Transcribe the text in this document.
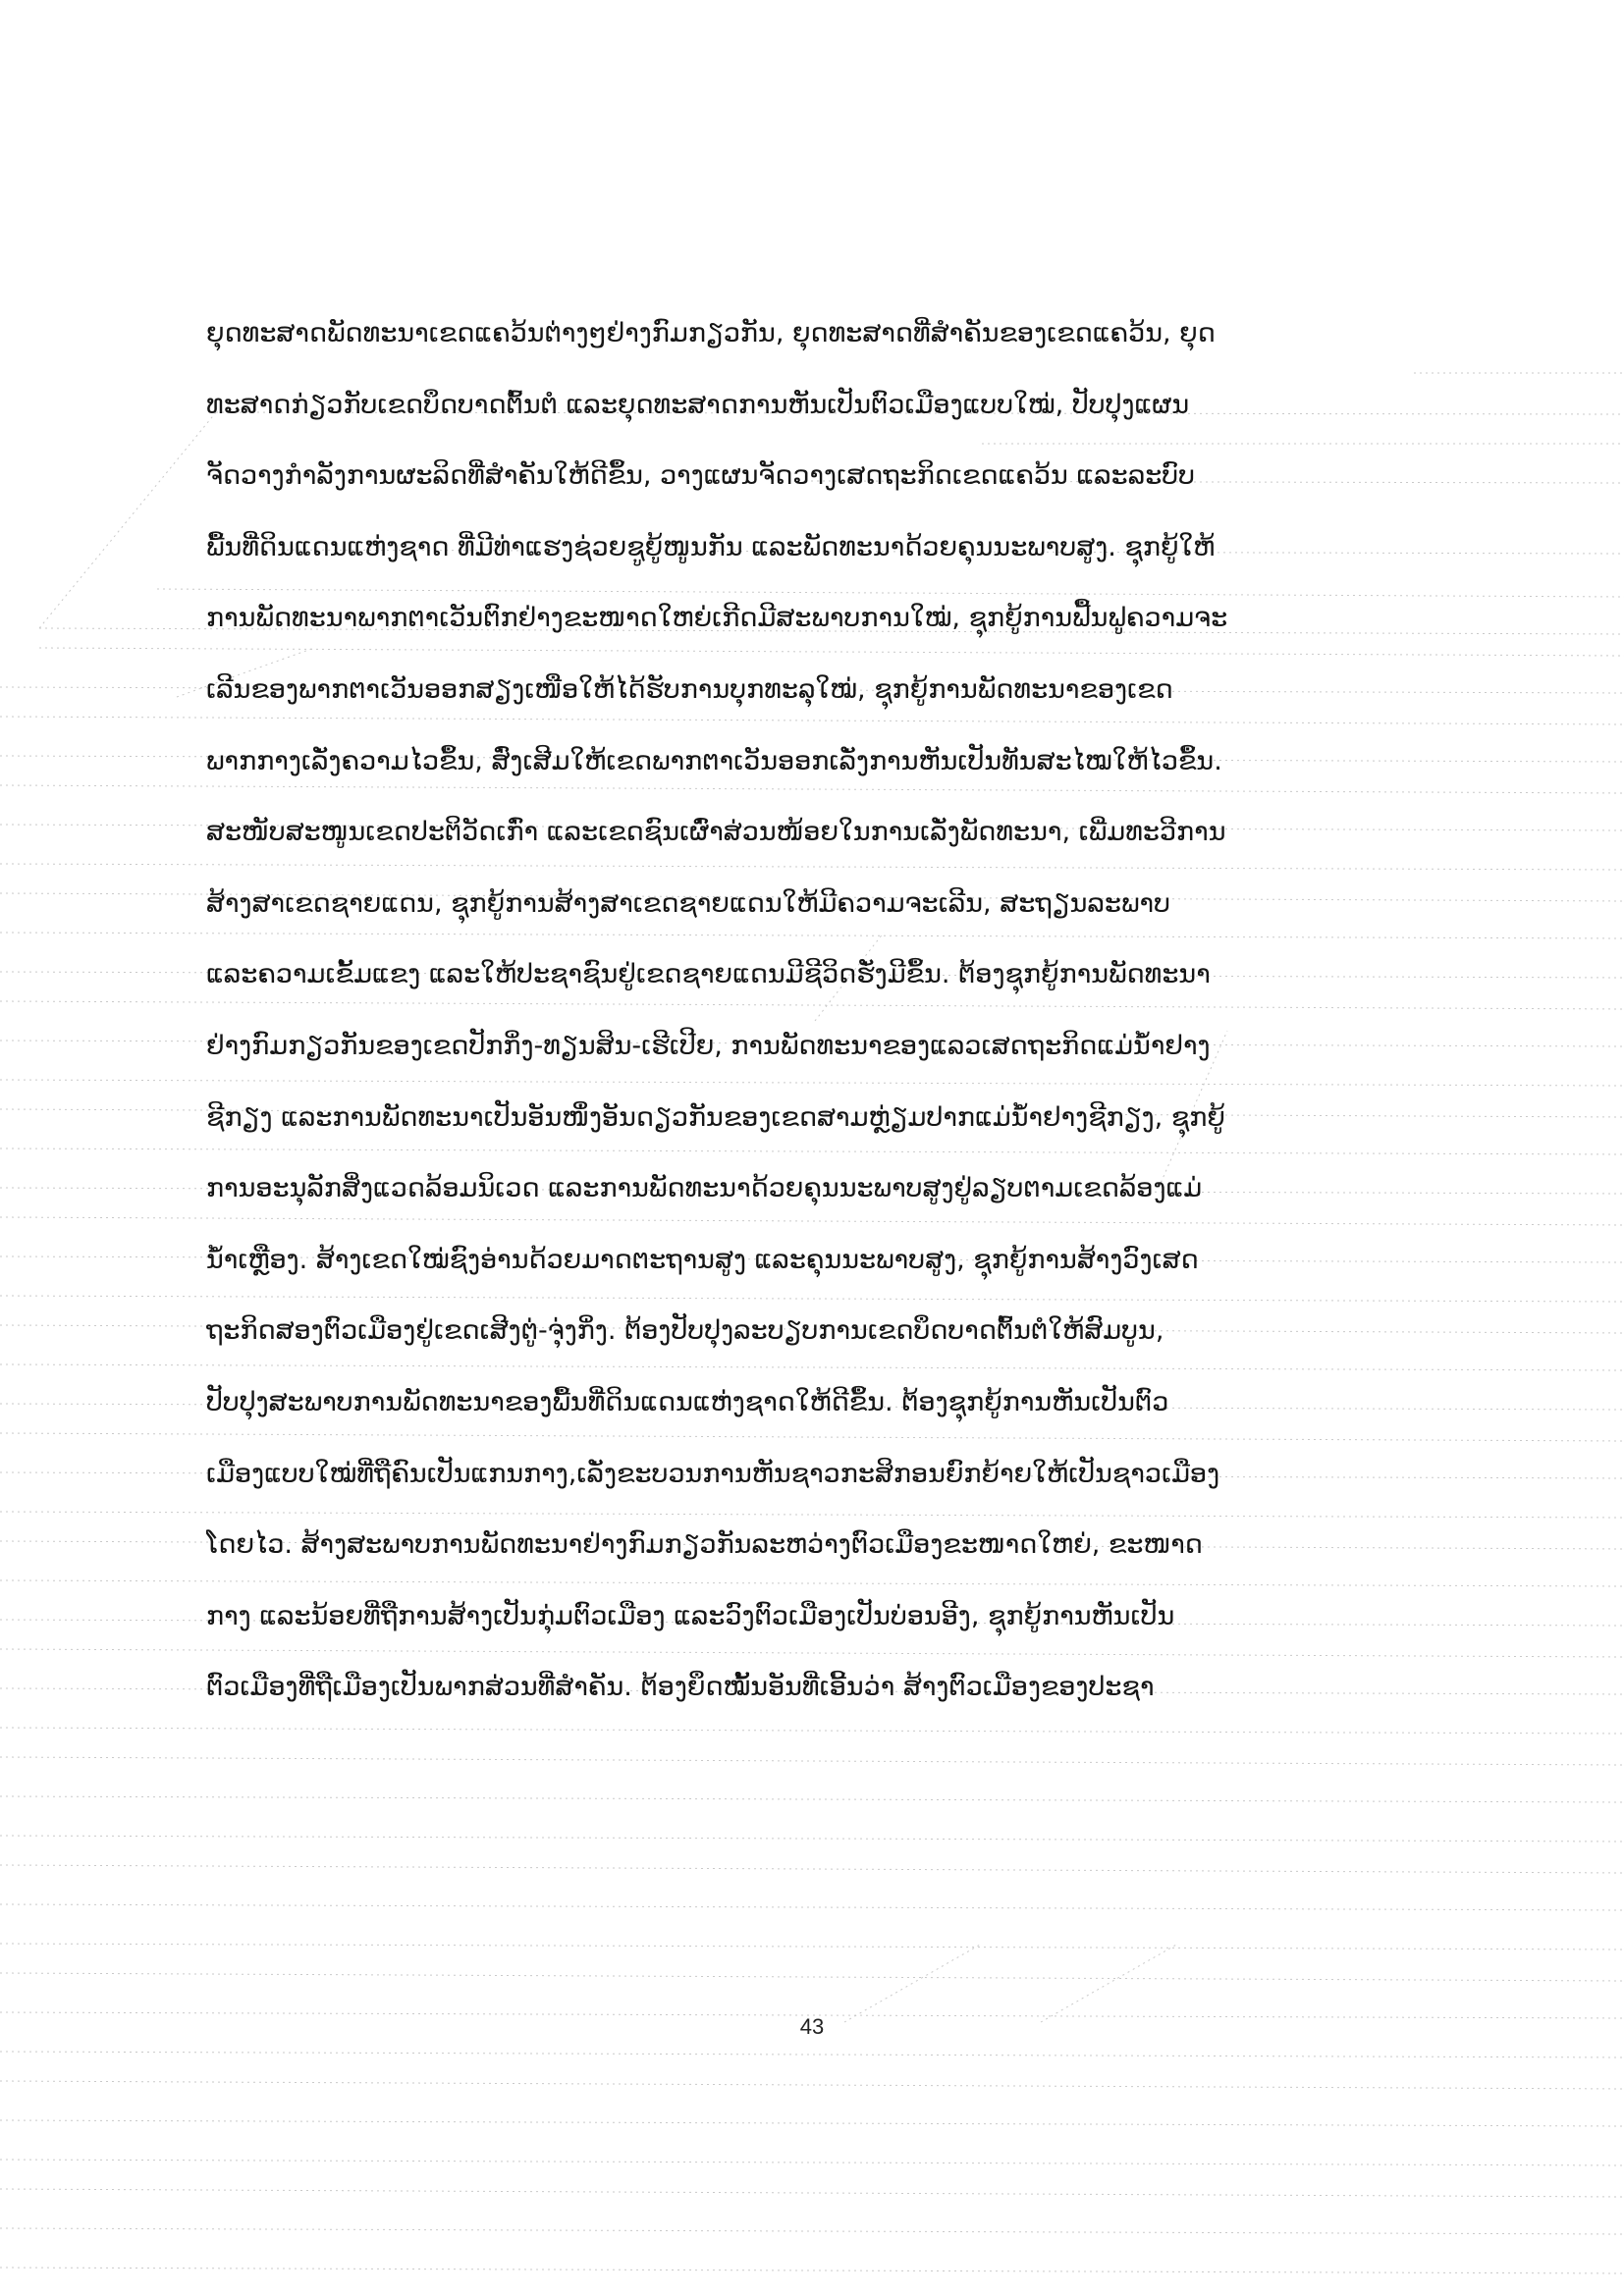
ຍຸດທະສາດພັດທະນາເຂດແຄວ້ນຕ່າງໆຢ່າງກົມກຽວກັນ, ຍຸດທະສາດທີ່ສຳຄັນຂອງເຂດແຄວ້ນ, ຍຸດ
ທະສາດກ່ຽວກັບເຂດບຶດບາດຕົ້ນຕໍ ແລະຍຸດທະສາດການຫັນເປັນຕົວເມືອງແບບໃໝ່, ປັບປຸງແຜນ
ຈັດວາງກຳລັງການຜະລິດທີ່ສຳຄັນໃຫ້ດີຂຶ້ນ, ວາງແຜນຈັດວາງເສດຖະກິດເຂດແຄວ້ນ ແລະລະບົບ
ພື້ນທີ່ດິນແດນແຫ່ງຊາດ ທີ່ມີທ່າແຮງຊ່ວຍຊູຍູ້ໜູນກັນ ແລະພັດທະນາດ້ວຍຄຸນນະພາບສູງ. ຊຸກຍູ້ໃຫ້
ການພັດທະນາພາກຕາເວັນຕົກຢ່າງຂະໜາດໃຫຍ່ເກີດມີສະພາບການໃໝ່, ຊຸກຍູ້ການຟື້ນຟູຄວາມຈະ
ເລີນຂອງພາກຕາເວັນອອກສຽງເໜືອໃຫ້ໄດ້ຮັບການບຸກທະລຸໃໝ່, ຊຸກຍູ້ການພັດທະນາຂອງເຂດ
ພາກກາງເລັ່ງຄວາມໄວຂຶ້ນ, ສົ່ງເສີມໃຫ້ເຂດພາກຕາເວັນອອກເລັ່ງການຫັນເປັນທັນສະໄໝໃຫ້ໄວຂຶ້ນ.
ສະໜັບສະໜູນເຂດປະຕິວັດເກົ່າ ແລະເຂດຊົນເຜົ່າສ່ວນໜ້ອຍໃນການເລັ່ງພັດທະນາ, ເພີ່ມທະວີການ
ສ້າງສາເຂດຊາຍແດນ, ຊຸກຍູ້ການສ້າງສາເຂດຊາຍແດນໃຫ້ມີຄວາມຈະເລີນ, ສະຖຽນລະພາບ
ແລະຄວາມເຂັ້ມແຂງ ແລະໃຫ້ປະຊາຊົນຢູ່ເຂດຊາຍແດນມີຊີວິດຮັ່ງມີຂຶ້ນ. ຕ້ອງຊຸກຍູ້ການພັດທະນາ
ຢ່າງກົມກຽວກັນຂອງເຂດປັກກິ່ງ-ທຽນສິນ-ເຮີເປີຍ, ການພັດທະນາຂອງແລວເສດຖະກິດແມ່ນ້ຳຢາງ
ຊີກຽງ ແລະການພັດທະນາເປັນອັນໜຶ່ງອັນດຽວກັນຂອງເຂດສາມຫຼ່ຽມປາກແມ່ນ້ຳຢາງຊີກຽງ, ຊຸກຍູ້
ການອະນຸລັກສິ່ງແວດລ້ອມນິເວດ ແລະການພັດທະນາດ້ວຍຄຸນນະພາບສູງຢູ່ລຽບຕາມເຂດລ້ອງແມ່
ນ້ຳເຫຼືອງ. ສ້າງເຂດໃໝ່ຊົງອ່ານດ້ວຍມາດຕະຖານສູງ ແລະຄຸນນະພາບສູງ, ຊຸກຍູ້ການສ້າງວົງເສດ
ຖະກິດສອງຕົວເມືອງຢູ່ເຂດເສີງຕູ່-ຈຸ່ງກິ່ງ. ຕ້ອງປັບປຸງລະບຽບການເຂດບຶດບາດຕົ້ນຕໍໃຫ້ສົມບູນ,
ປັບປຸງສະພາບການພັດທະນາຂອງພື້ນທີ່ດິນແດນແຫ່ງຊາດໃຫ້ດີຂຶ້ນ. ຕ້ອງຊຸກຍູ້ການຫັນເປັນຕົວ
ເມືອງແບບໃໝ່ທີ່ຖືຄົນເປັນແກນກາງ,ເລັ່ງຂະບວນການຫັນຊາວກະສິກອນຍົກຍ້າຍໃຫ້ເປັນຊາວເມືອງ
ໂດຍໄວ. ສ້າງສະພາບການພັດທະນາຢ່າງກົມກຽວກັນລະຫວ່າງຕົວເມືອງຂະໜາດໃຫຍ່, ຂະໜາດ
ກາງ ແລະນ້ອຍທີ່ຖືການສ້າງເປັນກຸ່ມຕົວເມືອງ ແລະວົງຕົວເມືອງເປັນບ່ອນອີງ, ຊຸກຍູ້ການຫັນເປັນ
ຕົວເມືອງທີ່ຖືເມືອງເປັນພາກສ່ວນທີ່ສຳຄັນ. ຕ້ອງຍຶດໝັ້ນອັນທີ່ເອີ້ນວ່າ ສ້າງຕົວເມືອງຂອງປະຊາ
43
